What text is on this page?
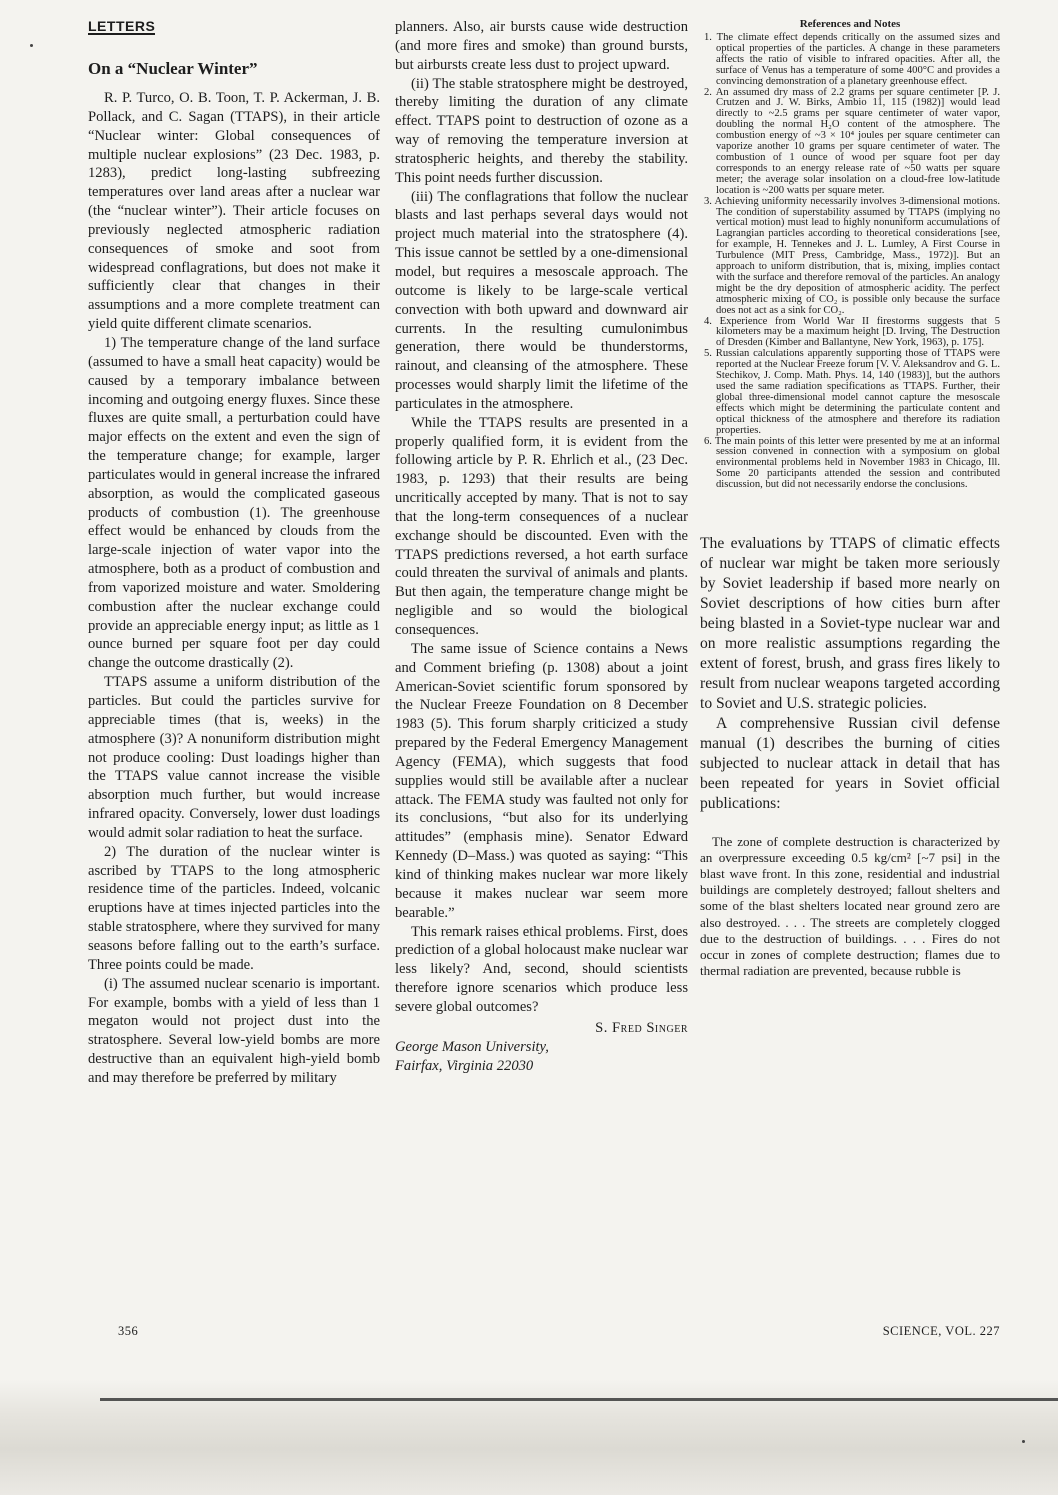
LETTERS
On a “Nuclear Winter”

R. P. Turco, O. B. Toon, T. P. Ackerman, J. B. Pollack, and C. Sagan (TTAPS), in their article “Nuclear winter: Global consequences of multiple nuclear explosions” (23 Dec. 1983, p. 1283), predict long-lasting subfreezing temperatures over land areas after a nuclear war (the “nuclear winter”). Their article focuses on previously neglected atmospheric radiation consequences of smoke and soot from widespread conflagrations, but does not make it sufficiently clear that changes in their assumptions and a more complete treatment can yield quite different climate scenarios.

1) The temperature change of the land surface (assumed to have a small heat capacity) would be caused by a temporary imbalance between incoming and outgoing energy fluxes. Since these fluxes are quite small, a perturbation could have major effects on the extent and even the sign of the temperature change; for example, larger particulates would in general increase the infrared absorption, as would the complicated gaseous products of combustion (1). The greenhouse effect would be enhanced by clouds from the large-scale injection of water vapor into the atmosphere, both as a product of combustion and from vaporized moisture and water. Smoldering combustion after the nuclear exchange could provide an appreciable energy input; as little as 1 ounce burned per square foot per day could change the outcome drastically (2).

TTAPS assume a uniform distribution of the particles. But could the particles survive for appreciable times (that is, weeks) in the atmosphere (3)? A nonuniform distribution might not produce cooling: Dust loadings higher than the TTAPS value cannot increase the visible absorption much further, but would increase infrared opacity. Conversely, lower dust loadings would admit solar radiation to heat the surface.

2) The duration of the nuclear winter is ascribed by TTAPS to the long atmospheric residence time of the particles. Indeed, volcanic eruptions have at times injected particles into the stable stratosphere, where they survived for many seasons before falling out to the earth’s surface. Three points could be made.

(i) The assumed nuclear scenario is important. For example, bombs with a yield of less than 1 megaton would not project dust into the stratosphere. Several low-yield bombs are more destructive than an equivalent high-yield bomb and may therefore be preferred by military

planners. Also, air bursts cause wide destruction (and more fires and smoke) than ground bursts, but airbursts create less dust to project upward.

(ii) The stable stratosphere might be destroyed, thereby limiting the duration of any climate effect. TTAPS point to destruction of ozone as a way of removing the temperature inversion at stratospheric heights, and thereby the stability. This point needs further discussion.

(iii) The conflagrations that follow the nuclear blasts and last perhaps several days would not project much material into the stratosphere (4). This issue cannot be settled by a one-dimensional model, but requires a mesoscale approach. The outcome is likely to be large-scale vertical convection with both upward and downward air currents. In the resulting cumulonimbus generation, there would be thunderstorms, rainout, and cleansing of the atmosphere. These processes would sharply limit the lifetime of the particulates in the atmosphere.

While the TTAPS results are presented in a properly qualified form, it is evident from the following article by P. R. Ehrlich et al., (23 Dec. 1983, p. 1293) that their results are being uncritically accepted by many. That is not to say that the long-term consequences of a nuclear exchange should be discounted. Even with the TTAPS predictions reversed, a hot earth surface could threaten the survival of animals and plants. But then again, the temperature change might be negligible and so would the biological consequences.

The same issue of Science contains a News and Comment briefing (p. 1308) about a joint American-Soviet scientific forum sponsored by the Nuclear Freeze Foundation on 8 December 1983 (5). This forum sharply criticized a study prepared by the Federal Emergency Management Agency (FEMA), which suggests that food supplies would still be available after a nuclear attack. The FEMA study was faulted not only for its conclusions, “but also for its underlying attitudes” (emphasis mine). Senator Edward Kennedy (D–Mass.) was quoted as saying: “This kind of thinking makes nuclear war more likely because it makes nuclear war seem more bearable.”

This remark raises ethical problems. First, does prediction of a global holocaust make nuclear war less likely? And, second, should scientists therefore ignore scenarios which produce less severe global outcomes?

S. Fred Singer
George Mason University,
Fairfax, Virginia 22030
References and Notes
1. The climate effect depends critically on the assumed sizes and optical properties of the particles. A change in these parameters affects the ratio of visible to infrared opacities. After all, the surface of Venus has a temperature of some 400°C and provides a convincing demonstration of a planetary greenhouse effect.
2. An assumed dry mass of 2.2 grams per square centimeter [P. J. Crutzen and J. W. Birks, Ambio 11, 115 (1982)] would lead directly to ~2.5 grams per square centimeter of water vapor, doubling the normal H₂O content of the atmosphere. The combustion energy of ~3 × 10⁴ joules per square centimeter can vaporize another 10 grams per square centimeter of water. The combustion of 1 ounce of wood per square foot per day corresponds to an energy release rate of ~50 watts per square meter; the average solar insolation on a cloud-free low-latitude location is ~200 watts per square meter.
3. Achieving uniformity necessarily involves 3-dimensional motions. The condition of superstability assumed by TTAPS (implying no vertical motion) must lead to highly nonuniform accumulations of Lagrangian particles according to theoretical considerations [see, for example, H. Tennekes and J. L. Lumley, A First Course in Turbulence (MIT Press, Cambridge, Mass., 1972)]. But an approach to uniform distribution, that is, mixing, implies contact with the surface and therefore removal of the particles. An analogy might be the dry deposition of atmospheric acidity. The perfect atmospheric mixing of CO₂ is possible only because the surface does not act as a sink for CO₂.
4. Experience from World War II firestorms suggests that 5 kilometers may be a maximum height [D. Irving, The Destruction of Dresden (Kimber and Ballantyne, New York, 1963), p. 175].
5. Russian calculations apparently supporting those of TTAPS were reported at the Nuclear Freeze forum [V. V. Aleksandrov and G. L. Stechikov, J. Comp. Math. Phys. 14, 140 (1983)], but the authors used the same radiation specifications as TTAPS. Further, their global three-dimensional model cannot capture the mesoscale effects which might be determining the particulate content and optical thickness of the atmosphere and therefore its radiation properties.
6. The main points of this letter were presented by me at an informal session convened in connection with a symposium on global environmental problems held in November 1983 in Chicago, Ill. Some 20 participants attended the session and contributed discussion, but did not necessarily endorse the conclusions.

The evaluations by TTAPS of climatic effects of nuclear war might be taken more seriously by Soviet leadership if based more nearly on Soviet descriptions of how cities burn after being blasted in a Soviet-type nuclear war and on more realistic assumptions regarding the extent of forest, brush, and grass fires likely to result from nuclear weapons targeted according to Soviet and U.S. strategic policies.

A comprehensive Russian civil defense manual (1) describes the burning of cities subjected to nuclear attack in detail that has been repeated for years in Soviet official publications:

The zone of complete destruction is characterized by an overpressure exceeding 0.5 kg/cm² [~7 psi] in the blast wave front. In this zone, residential and industrial buildings are completely destroyed; fallout shelters and some of the blast shelters located near ground zero are also destroyed. . . . The streets are completely clogged due to the destruction of buildings. . . . Fires do not occur in zones of complete destruction; flames due to thermal radiation are prevented, because rubble is

356	SCIENCE, VOL. 227
